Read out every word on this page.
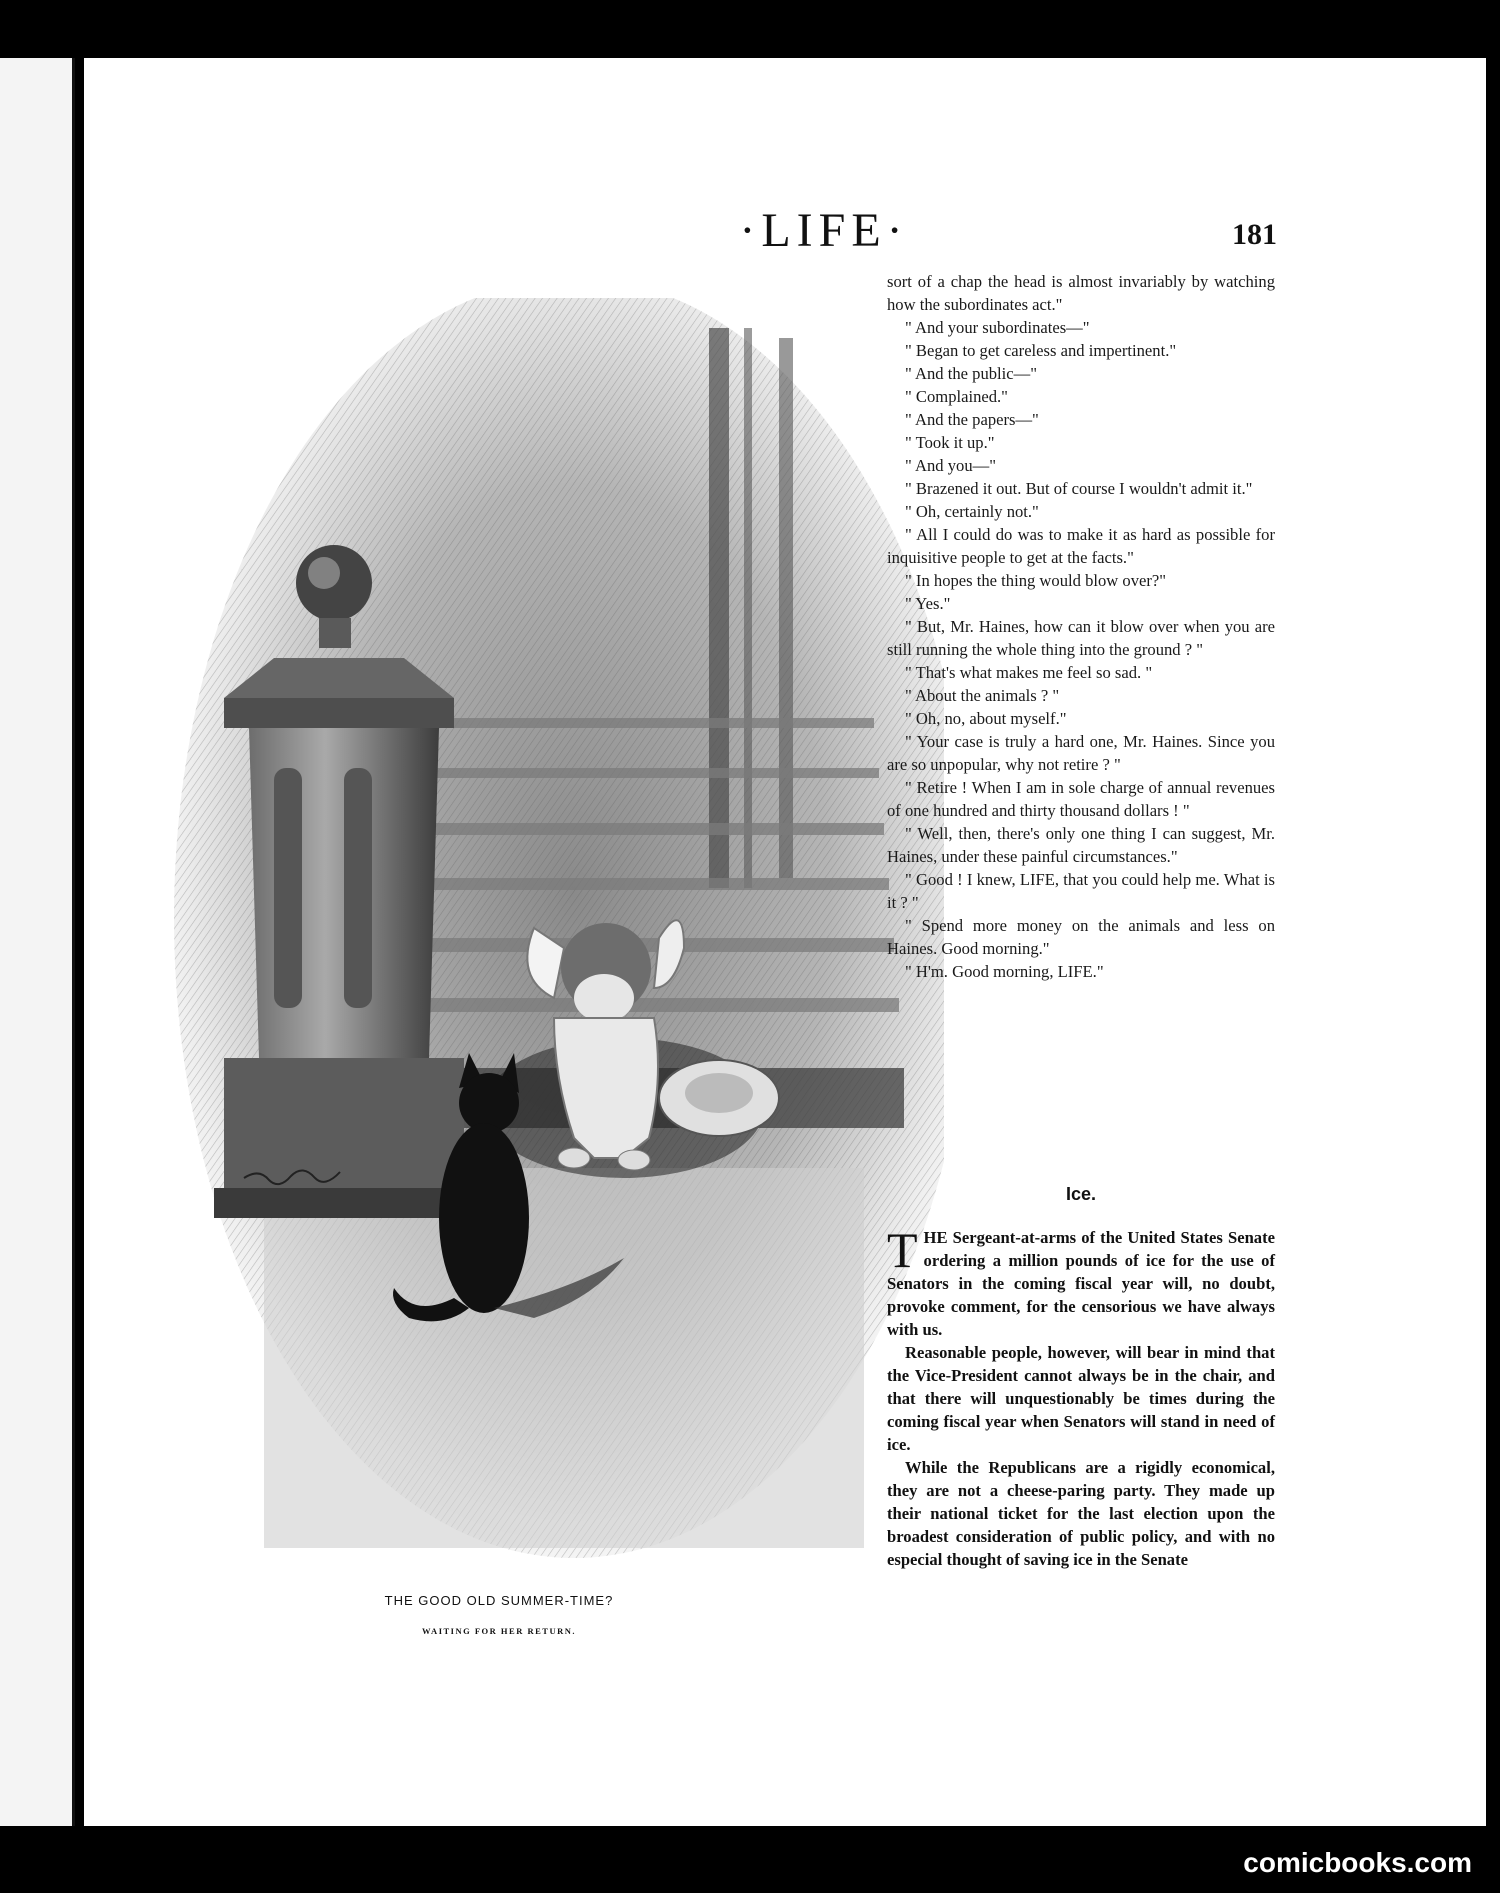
·LIFE·	181
THE GOOD OLD SUMMER-TIME?
WAITING FOR HER RETURN.

sort of a chap the head is almost invariably by watching how the subordinates act."

" And your subordinates—"

" Began to get careless and impertinent."

" And the public—"

" Complained."

" And the papers—"

" Took it up."

" And you—"

" Brazened it out. But of course I wouldn't admit it."

" Oh, certainly not."

" All I could do was to make it as hard as possible for inquisitive people to get at the facts."

" In hopes the thing would blow over?"

" Yes."

" But, Mr. Haines, how can it blow over when you are still running the whole thing into the ground ? "

" That's what makes me feel so sad. "

" About the animals ? "

" Oh, no, about myself."

" Your case is truly a hard one, Mr. Haines. Since you are so unpopular, why not retire ? "

" Retire ! When I am in sole charge of annual revenues of one hundred and thirty thousand dollars ! "

" Well, then, there's only one thing I can suggest, Mr. Haines, under these painful circumstances."

" Good ! I knew, LIFE, that you could help me. What is it ? "

" Spend more money on the animals and less on Haines. Good morning."

" H'm. Good morning, LIFE."

Ice.

THE Sergeant-at-arms of the United States Senate ordering a million pounds of ice for the use of Senators in the coming fiscal year will, no doubt, provoke comment, for the censorious we have always with us.

Reasonable people, however, will bear in mind that the Vice-President cannot always be in the chair, and that there will unquestionably be times during the coming fiscal year when Senators will stand in need of ice.

While the Republicans are a rigidly economical, they are not a cheese-paring party. They made up their national ticket for the last election upon the broadest consideration of public policy, and with no especial thought of saving ice in the Senate

comicbooks.com
